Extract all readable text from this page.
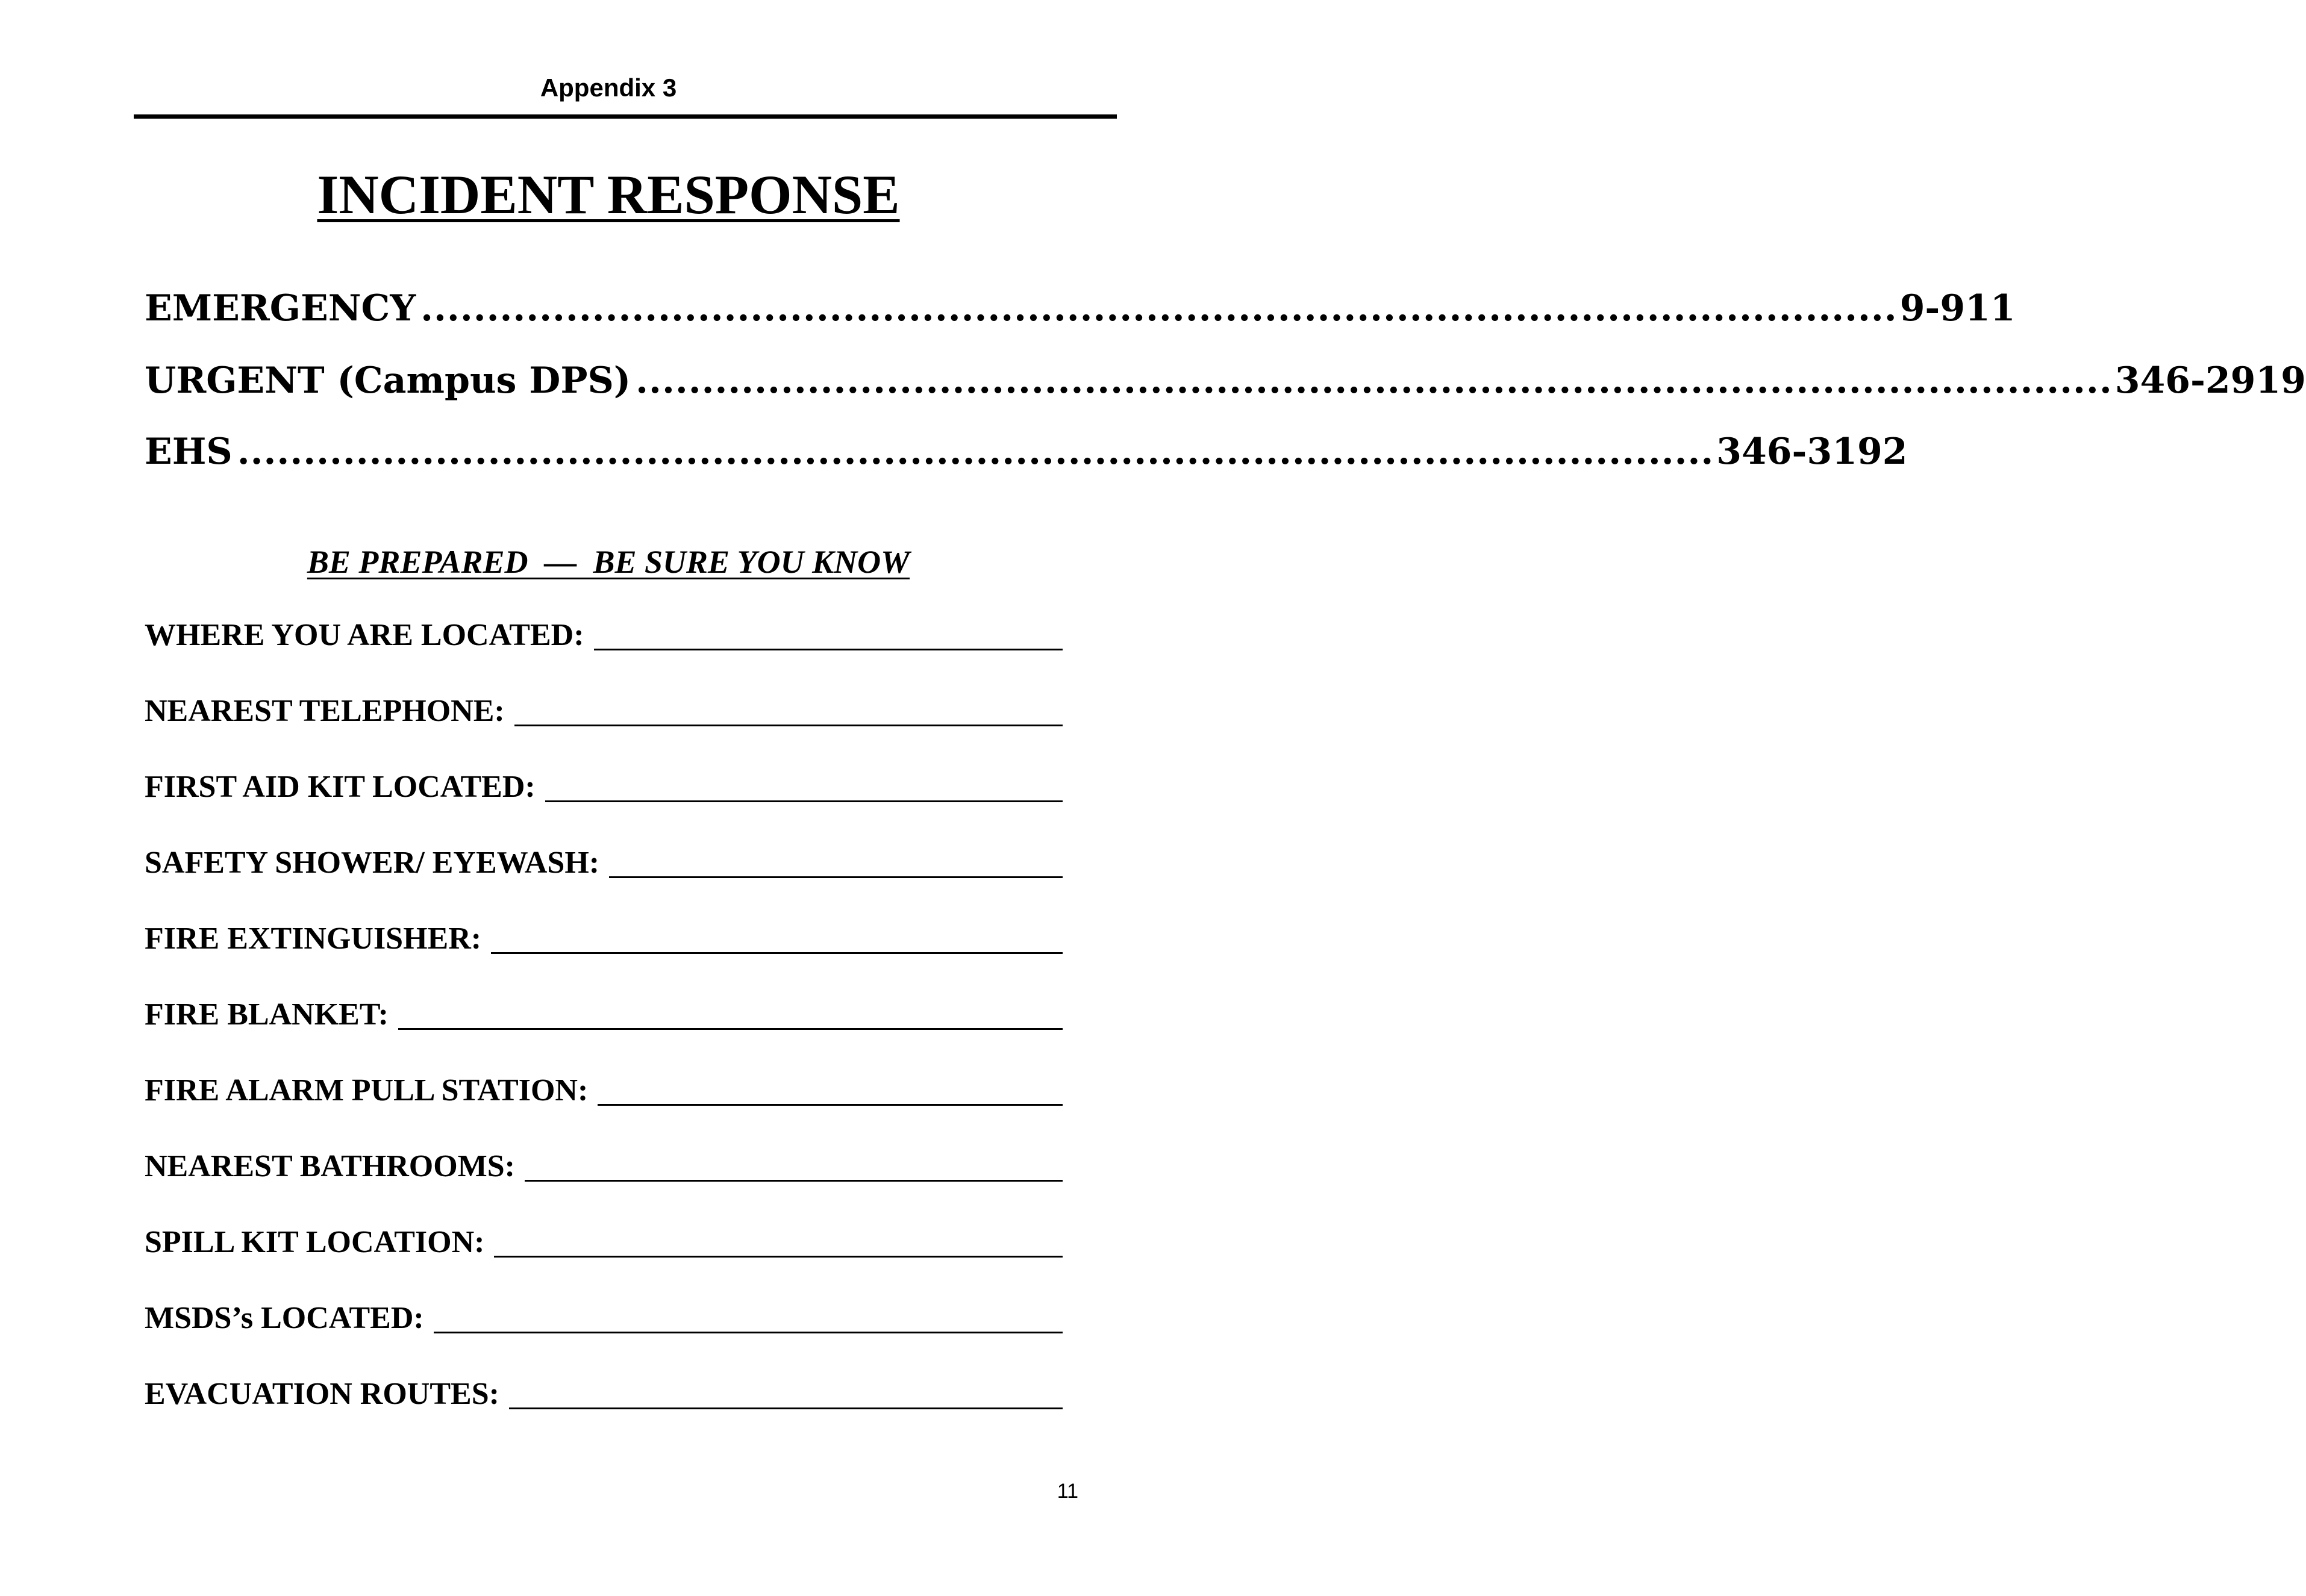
Appendix 3
INCIDENT RESPONSE
EMERGENCY ................................................................................................................ 9-911
URGENT (Campus DPS) ................................................................................................................ 346-2919
EHS ................................................................................................................ 346-3192
BE PREPARED  —  BE SURE YOU KNOW
WHERE YOU ARE LOCATED:
NEAREST TELEPHONE:
FIRST AID KIT LOCATED:
SAFETY SHOWER/ EYEWASH:
FIRE EXTINGUISHER:
FIRE BLANKET:
FIRE ALARM PULL STATION:
NEAREST BATHROOMS:
SPILL KIT LOCATION:
MSDS’s LOCATED:
EVACUATION ROUTES:
11
